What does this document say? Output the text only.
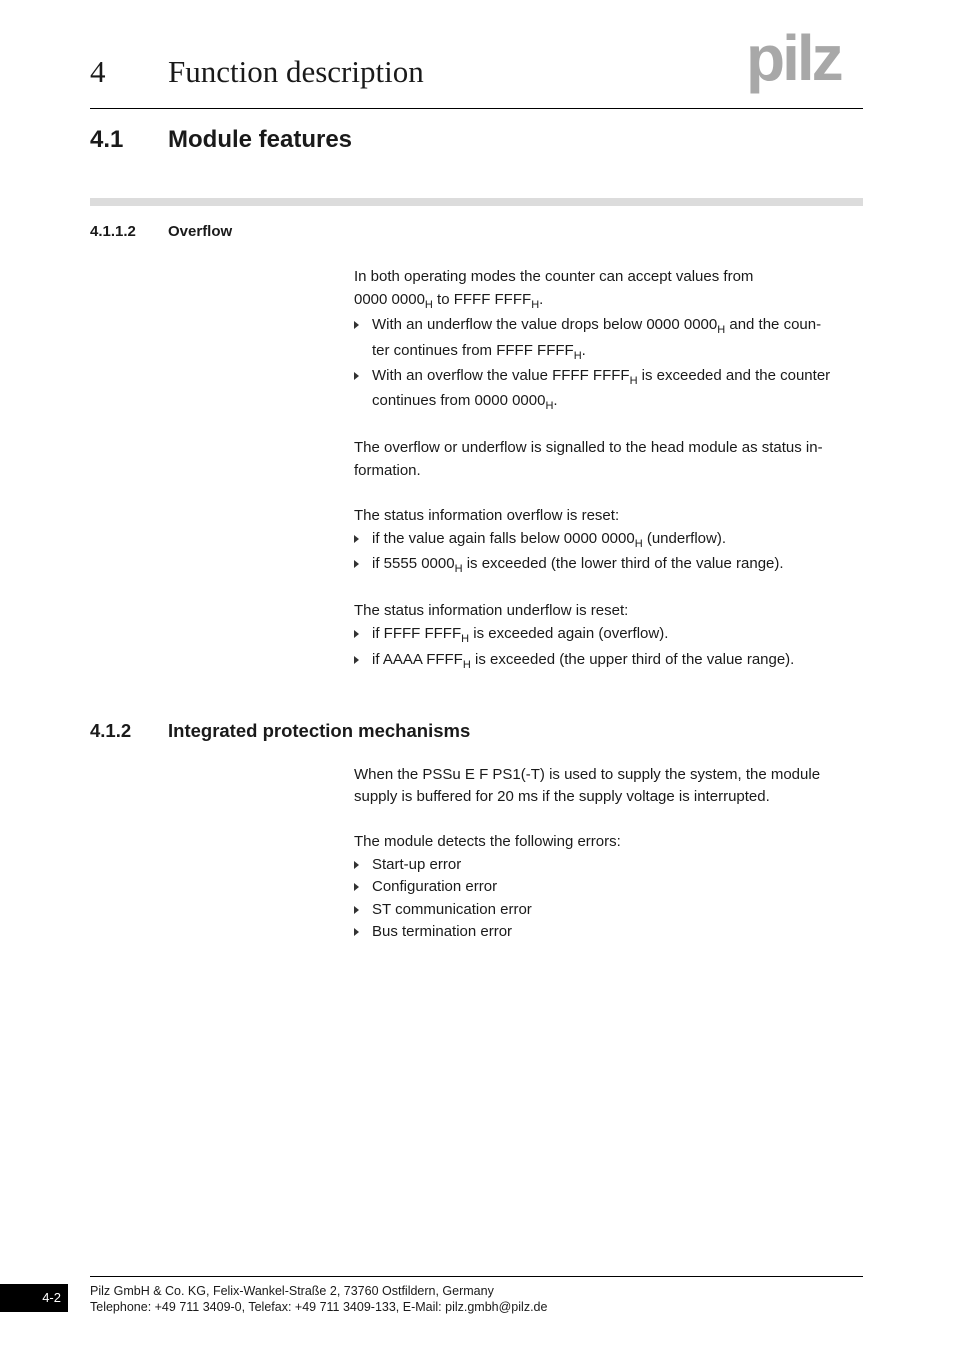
4 Function description	pilz
4.1 Module features
4.1.1.2 Overflow
In both operating modes the counter can accept values from
0000 $0000_H$ to FFFF $FFFF_H$.
With an underflow the value drops below 0000 $0000_H$ and the coun-
ter continues from FFFF $FFFF_H$.
With an overflow the value FFFF $FFFF_H$ is exceeded and the counter
continues from 0000 $0000_H$.
The overflow or underflow is signalled to the head module as status in-
formation.
The status information overflow is reset:
if the value again falls below 0000 $0000_H$ (underflow).
if 5555 $0000_H$ is exceeded (the lower third of the value range).
The status information underflow is reset:
if FFFF $FFFF_H$ is exceeded again (overflow).
if AAAA $FFFF_H$ is exceeded (the upper third of the value range).
4.1.2 Integrated protection mechanisms
When the PSSu E F PS1(-T) is used to supply the system, the module
supply is buffered for 20 ms if the supply voltage is interrupted.
The module detects the following errors:
Start-up error
Configuration error
ST communication error
Bus termination error
4-2 Pilz GmbH & Co. KG, Felix-Wankel-Straße 2, 73760 Ostfildern, Germany
Telephone: +49 711 3409-0, Telefax: +49 711 3409-133, E-Mail: pilz.gmbh@pilz.de
